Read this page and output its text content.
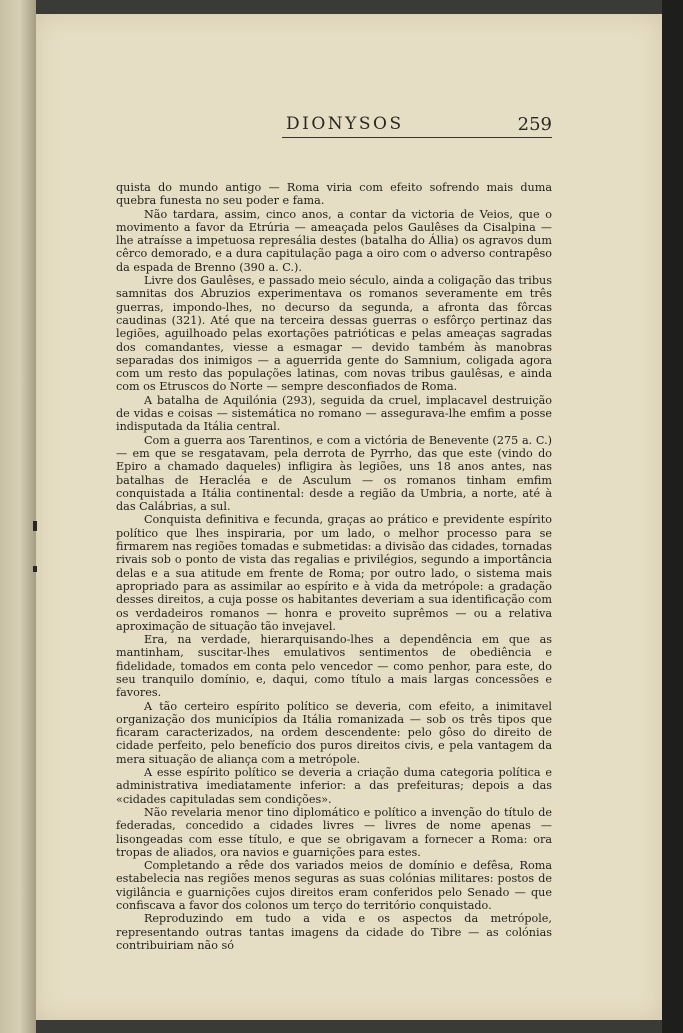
DIONYSOS	259

quista do mundo antigo — Roma viria com efeito sofrendo mais duma quebra funesta no seu poder e fama.

Não tardara, assim, cinco anos, a contar da victoria de Veios, que o movimento a favor da Etrúria — ameaçada pelos Gaulêses da Cisalpina — lhe atraísse a impetuosa represália destes (batalha do Állia) os agravos dum cêrco demorado, e a dura capitulação paga a oiro com o adverso contrapêso da espada de Brenno (390 a. C.).

Livre dos Gaulêses, e passado meio século, ainda a coligação das tribus samnitas dos Abruzios experimentava os romanos severamente em três guerras, impondo-lhes, no decurso da segunda, a afronta das fôrcas caudinas (321). Até que na terceira dessas guerras o esfôrço pertinaz das legiões, aguilhoado pelas exortações patrióticas e pelas ameaças sagradas dos comandantes, viesse a esmagar — devido também às manobras separadas dos inimigos — a aguerrida gente do Samnium, coligada agora com um resto das populações latinas, com novas tribus gaulêsas, e ainda com os Etruscos do Norte — sempre desconfiados de Roma.

A batalha de Aquilónia (293), seguida da cruel, implacavel destruição de vidas e coisas — sistemática no romano — assegurava-lhe emfim a posse indisputada da Itália central.

Com a guerra aos Tarentinos, e com a victória de Benevente (275 a. C.) — em que se resgatavam, pela derrota de Pyrrho, das que este (vindo do Epiro a chamado daqueles) infligira às legiões, uns 18 anos antes, nas batalhas de Heracléa e de Asculum — os romanos tinham emfim conquistada a Itália continental: desde a região da Umbria, a norte, até à das Calábrias, a sul.

Conquista definitiva e fecunda, graças ao prático e previdente espírito político que lhes inspiraria, por um lado, o melhor processo para se firmarem nas regiões tomadas e submetidas: a divisão das cidades, tornadas rivais sob o ponto de vista das regalias e privilégios, segundo a importância delas e a sua atitude em frente de Roma; por outro lado, o sistema mais apropriado para as assimilar ao espírito e à vida da metrópole: a gradação desses direitos, a cuja posse os habitantes deveriam a sua identificação com os verdadeiros romanos — honra e proveito suprêmos — ou a relativa aproximação de situação tão invejavel.

Era, na verdade, hierarquisando-lhes a dependência em que as mantinham, suscitar-lhes emulativos sentimentos de obediência e fidelidade, tomados em conta pelo vencedor — como penhor, para este, do seu tranquilo domínio, e, daqui, como título a mais largas concessões e favores.

A tão certeiro espírito político se deveria, com efeito, a inimitavel organização dos municípios da Itália romanizada — sob os três tipos que ficaram caracterizados, na ordem descendente: pelo gôso do direito de cidade perfeito, pelo benefício dos puros direitos civis, e pela vantagem da mera situação de aliança com a metrópole.

A esse espírito político se deveria a criação duma categoria política e administrativa imediatamente inferior: a das prefeituras; depois a das «cidades capituladas sem condições».

Não revelaria menor tino diplomático e político a invenção do título de federadas, concedido a cidades livres — livres de nome apenas — lisongeadas com esse título, e que se obrigavam a fornecer a Roma: ora tropas de aliados, ora navios e guarnições para estes.

Completando a rêde dos variados meios de domínio e defêsa, Roma estabelecia nas regiões menos seguras as suas colónias militares: postos de vigilância e guarnições cujos direitos eram conferidos pelo Senado — que confiscava a favor dos colonos um terço do território conquistado.

Reproduzindo em tudo a vida e os aspectos da metrópole, representando outras tantas imagens da cidade do Tibre — as colónias contribuiriam não só
